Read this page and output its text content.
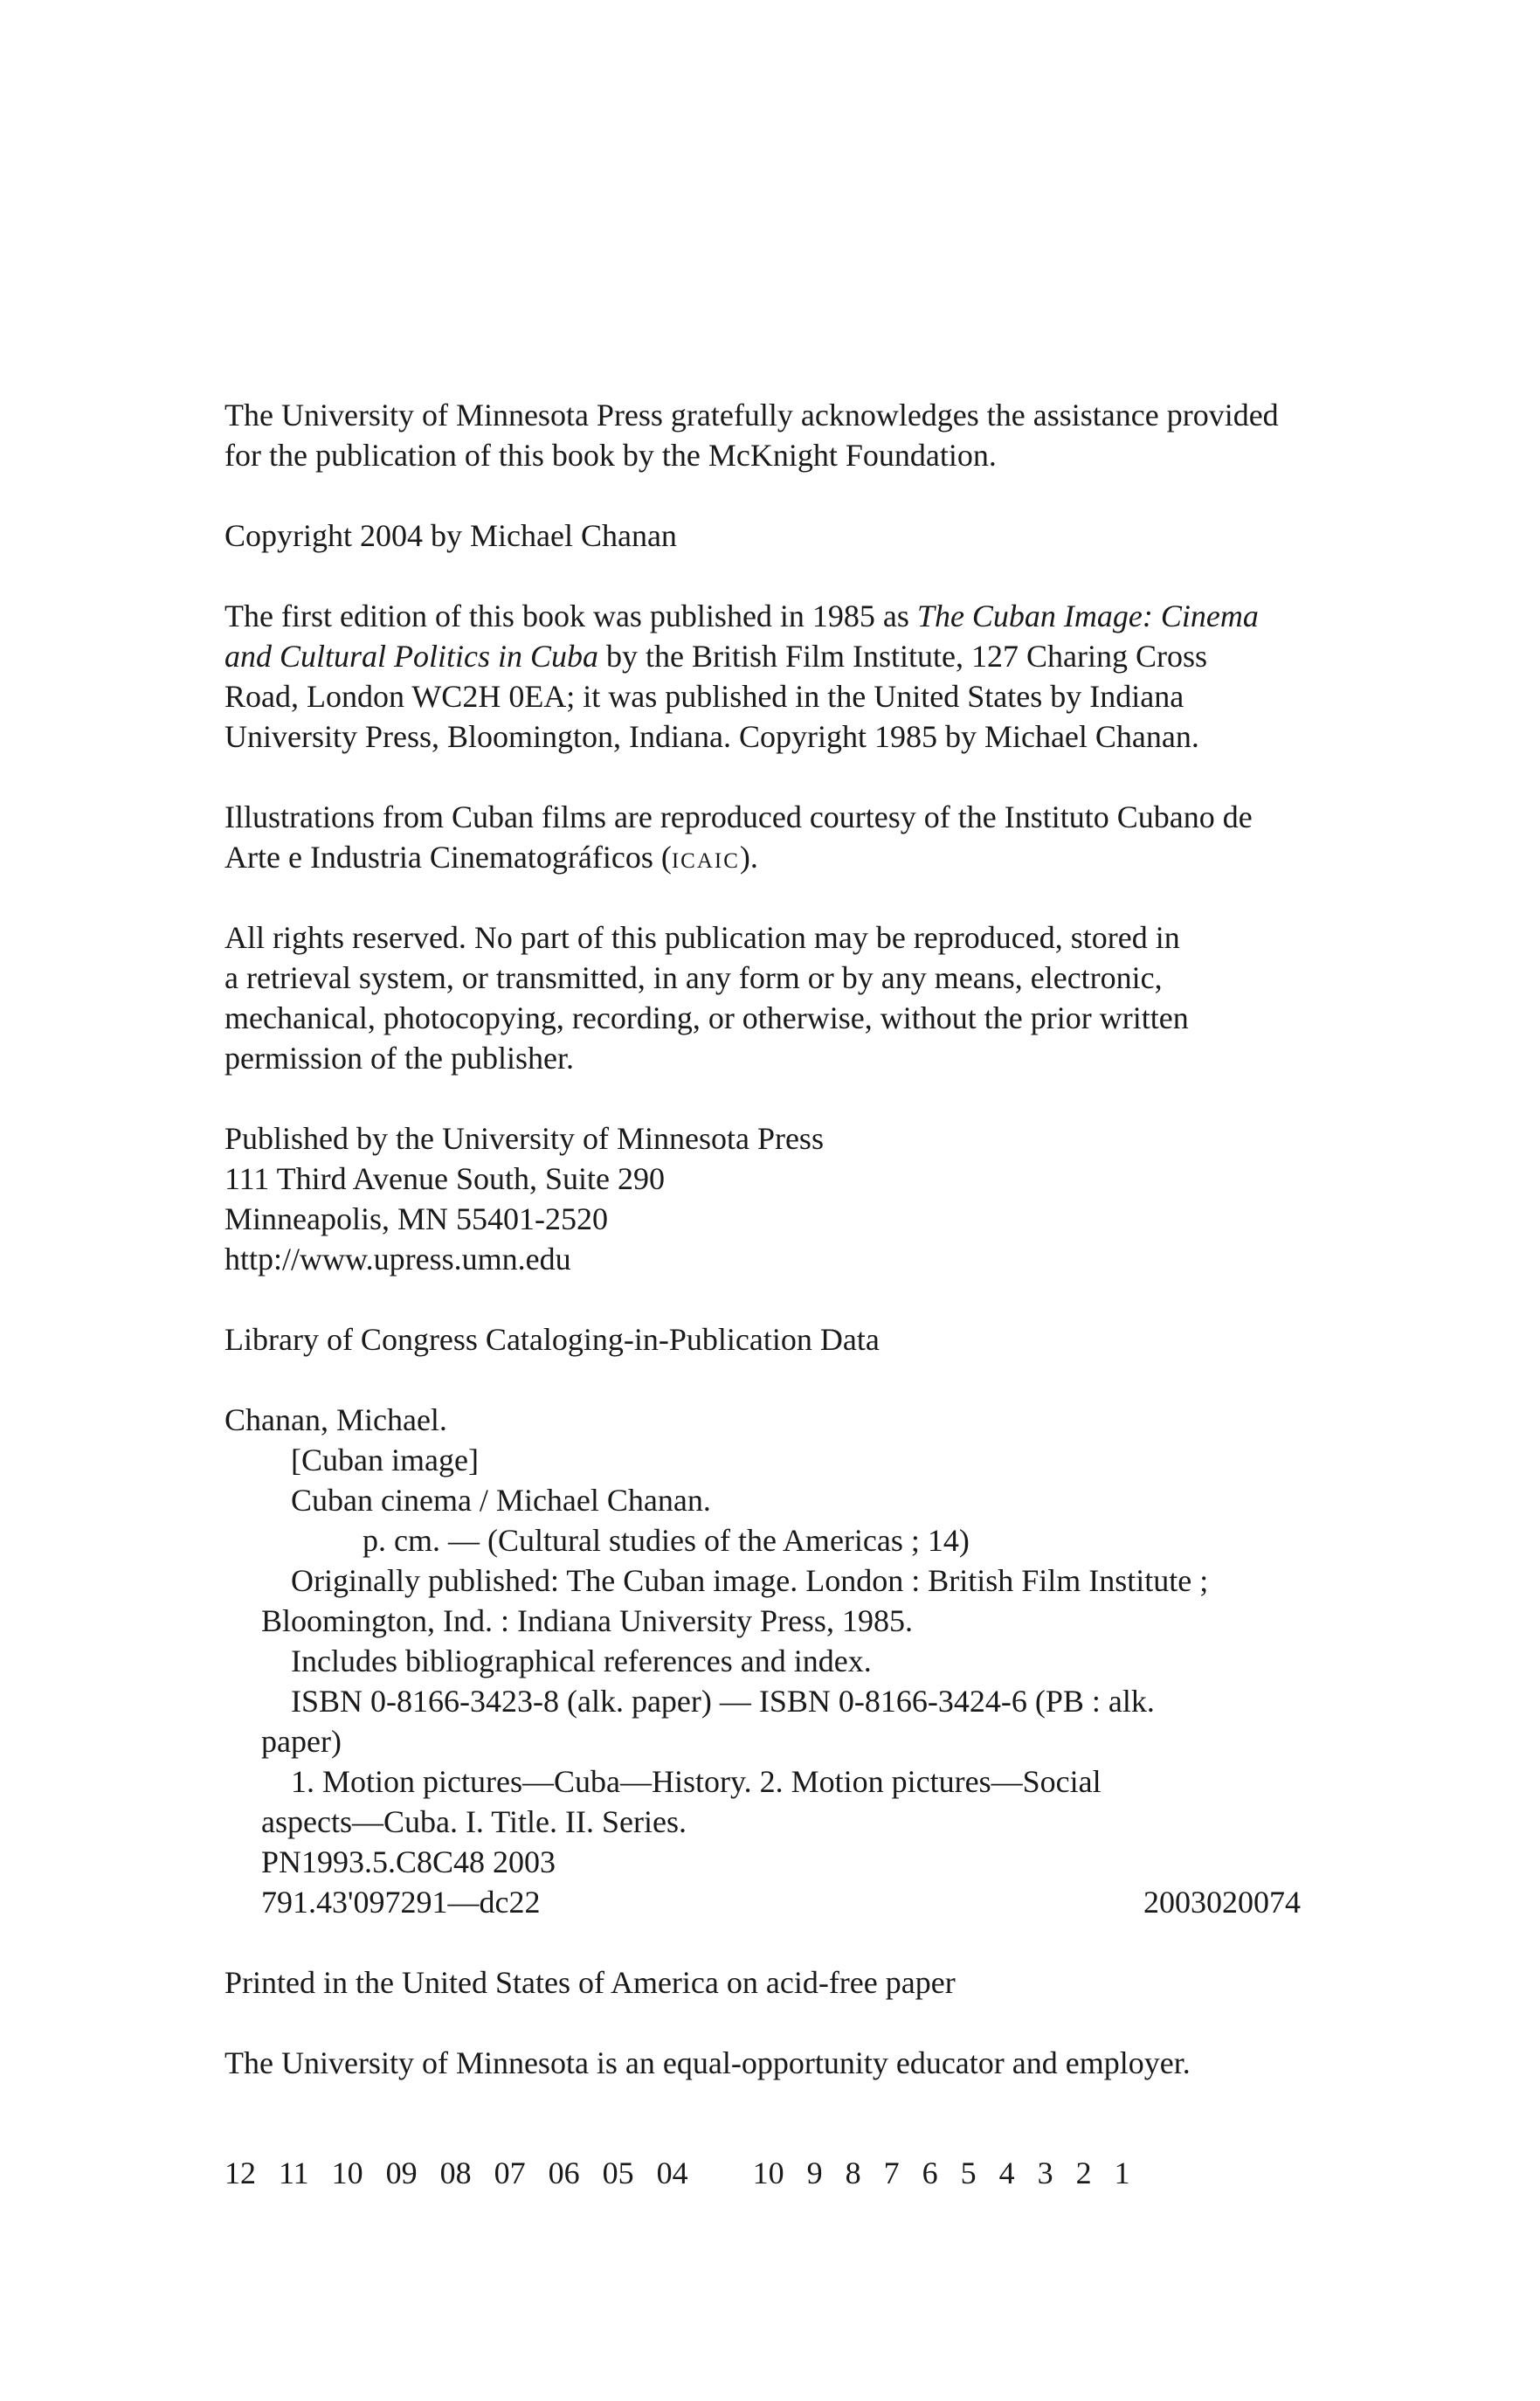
The University of Minnesota Press gratefully acknowledges the assistance provided
for the publication of this book by the McKnight Foundation.

Copyright 2004 by Michael Chanan

The first edition of this book was published in 1985 as The Cuban Image: Cinema
and Cultural Politics in Cuba by the British Film Institute, 127 Charing Cross
Road, London WC2H 0EA; it was published in the United States by Indiana
University Press, Bloomington, Indiana. Copyright 1985 by Michael Chanan.

Illustrations from Cuban films are reproduced courtesy of the Instituto Cubano de
Arte e Industria Cinematográficos (icaic).

All rights reserved. No part of this publication may be reproduced, stored in
a retrieval system, or transmitted, in any form or by any means, electronic,
mechanical, photocopying, recording, or otherwise, without the prior written
permission of the publisher.

Published by the University of Minnesota Press
111 Third Avenue South, Suite 290
Minneapolis, MN 55401-2520
http://www.upress.umn.edu

Library of Congress Cataloging-in-Publication Data

Chanan, Michael.
[Cuban image]
Cuban cinema / Michael Chanan.
p. cm. — (Cultural studies of the Americas ; 14)
Originally published: The Cuban image. London : British Film Institute ;
Bloomington, Ind. : Indiana University Press, 1985.
Includes bibliographical references and index.
ISBN 0-8166-3423-8 (alk. paper) — ISBN 0-8166-3424-6 (PB : alk.
paper)
1. Motion pictures—Cuba—History. 2. Motion pictures—Social
aspects—Cuba. I. Title. II. Series.
PN1993.5.C8C48 2003
791.43'097291—dc22	2003020074

Printed in the United States of America on acid-free paper

The University of Minnesota is an equal-opportunity educator and employer.

12  11  10  09  08  07  06  05  04 10  9  8  7  6  5  4  3  2  1
